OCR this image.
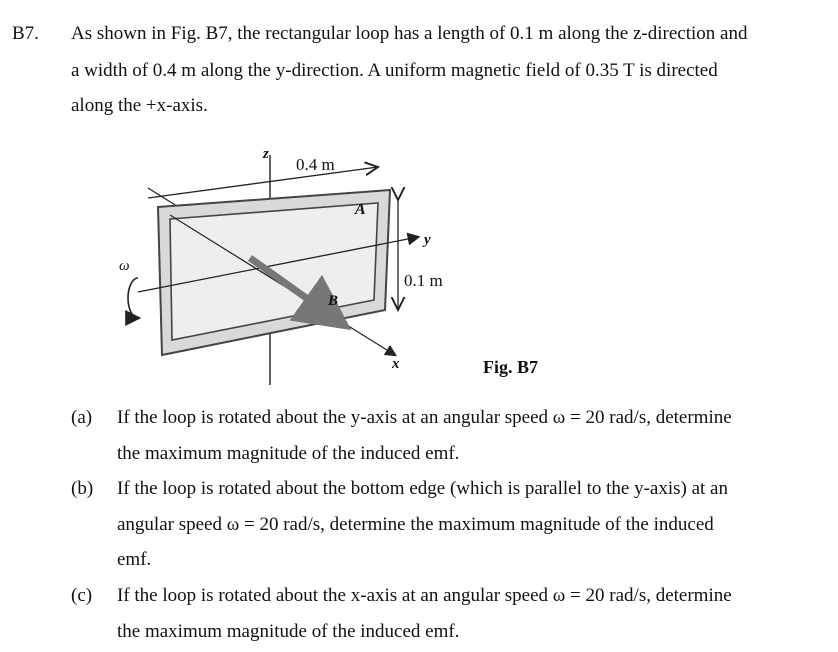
B7. As shown in Fig. B7, the rectangular loop has a length of 0.1 m along the z-direction and
a width of 0.4 m along the y-direction. A uniform magnetic field of 0.35 T is directed
along the +x-axis.
z
0.4 m
A
y
0.1 m
B
x
ω
Fig. B7
(a) If the loop is rotated about the y-axis at an angular speed ω = 20 rad/s, determine
the maximum magnitude of the induced emf.
(b) If the loop is rotated about the bottom edge (which is parallel to the y-axis) at an
angular speed ω = 20 rad/s, determine the maximum magnitude of the induced
emf.
(c) If the loop is rotated about the x-axis at an angular speed ω = 20 rad/s, determine
the maximum magnitude of the induced emf.
